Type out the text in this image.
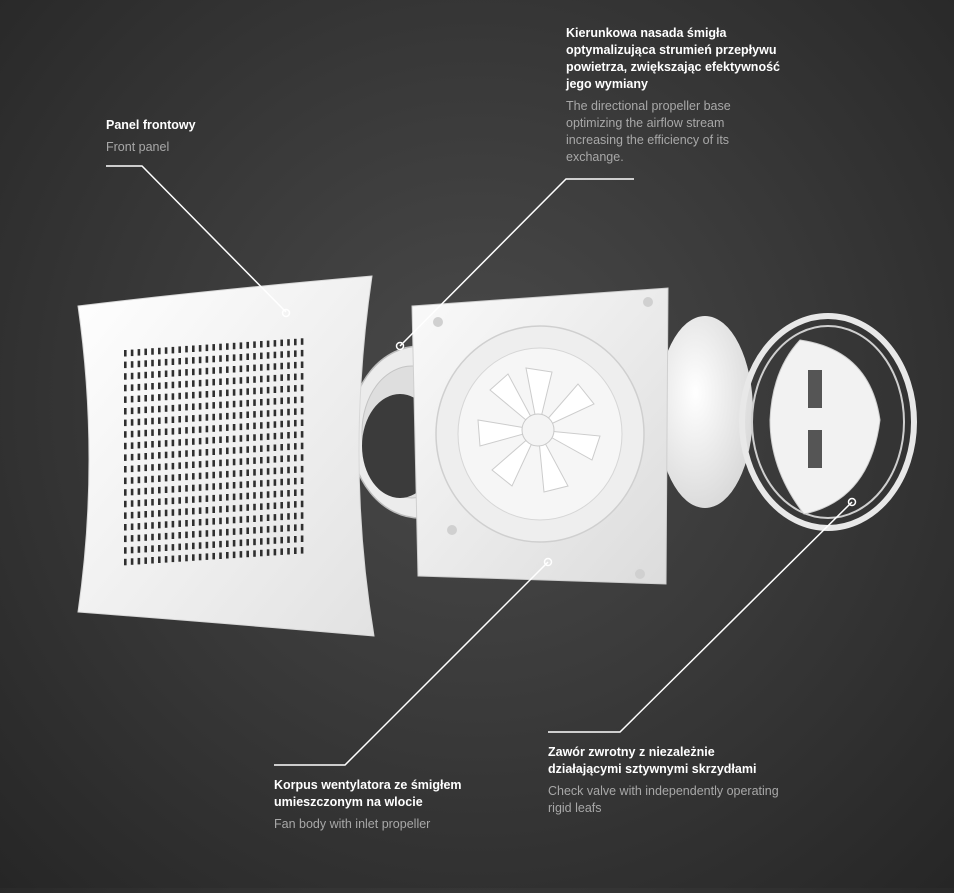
Panel frontowy
Front panel
Kierunkowa nasada śmigła optymalizująca strumień przepływu powietrza, zwiększając efektywność jego wymiany
The directional propeller base optimizing the airflow stream increasing the efficiency of its exchange.
Korpus wentylatora ze śmigłem umieszczonym na wlocie
Fan body with inlet propeller
Zawór zwrotny z niezależnie działającymi sztywnymi skrzydłami
Check valve with independently operating rigid leafs
